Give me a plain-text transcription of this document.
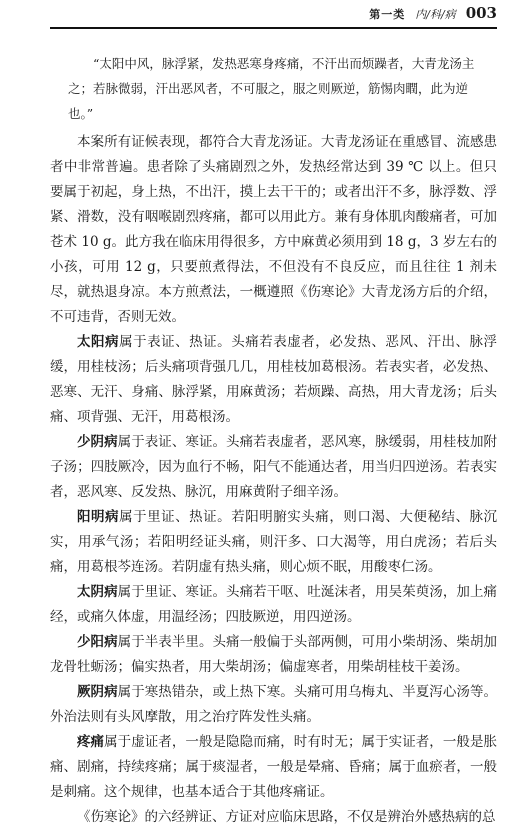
第一类 内/科/病 003

“太阳中风，脉浮紧，发热恶寒身疼痛，不汗出而烦躁者，大青龙汤主之；若脉微弱，汗出恶风者，不可服之，服之则厥逆，筋惕肉瞤，此为逆也。”

本案所有证候表现，都符合大青龙汤证。大青龙汤证在重感冒、流感患者中非常普遍。患者除了头痛剧烈之外，发热经常达到 39 ℃ 以上。但只要属于初起，身上热，不出汗，摸上去干干的；或者出汗不多，脉浮数、浮紧、滑数，没有咽喉剧烈疼痛，都可以用此方。兼有身体肌肉酸痛者，可加苍术 10 g。此方我在临床用得很多，方中麻黄必须用到 18 g，3 岁左右的小孩，可用 12 g，只要煎煮得法，不但没有不良反应，而且往往 1 剂未尽，就热退身凉。本方煎煮法，一概遵照《伤寒论》大青龙汤方后的介绍，不可违背，否则无效。

太阳病属于表证、热证。头痛若表虚者，必发热、恶风、汗出、脉浮缓，用桂枝汤；后头痛项背强几几，用桂枝加葛根汤。若表实者，必发热、恶寒、无汗、身痛、脉浮紧，用麻黄汤；若烦躁、高热，用大青龙汤；后头痛、项背强、无汗，用葛根汤。

少阴病属于表证、寒证。头痛若表虚者，恶风寒，脉缓弱，用桂枝加附子汤；四肢厥冷，因为血行不畅，阳气不能通达者，用当归四逆汤。若表实者，恶风寒、反发热、脉沉，用麻黄附子细辛汤。

阳明病属于里证、热证。若阳明腑实头痛，则口渴、大便秘结、脉沉实，用承气汤；若阳明经证头痛，则汗多、口大渴等，用白虎汤；若后头痛，用葛根芩连汤。若阴虚有热头痛，则心烦不眠，用酸枣仁汤。

太阴病属于里证、寒证。头痛若干呕、吐涎沫者，用吴茱萸汤，加上痛经，或痛久体虚，用温经汤；四肢厥逆，用四逆汤。

少阳病属于半表半里。头痛一般偏于头部两侧，可用小柴胡汤、柴胡加龙骨牡蛎汤；偏实热者，用大柴胡汤；偏虚寒者，用柴胡桂枝干姜汤。

厥阴病属于寒热错杂，或上热下寒。头痛可用乌梅丸、半夏泻心汤等。外治法则有头风摩散，用之治疗阵发性头痛。

疼痛属于虚证者，一般是隐隐而痛，时有时无；属于实证者，一般是胀痛、剧痛，持续疼痛；属于痰湿者，一般是晕痛、昏痛；属于血瘀者，一般是刺痛。这个规律，也基本适合于其他疼痛证。

《伤寒论》的六经辨证、方证对应临床思路，不仅是辨治外感热病的总
